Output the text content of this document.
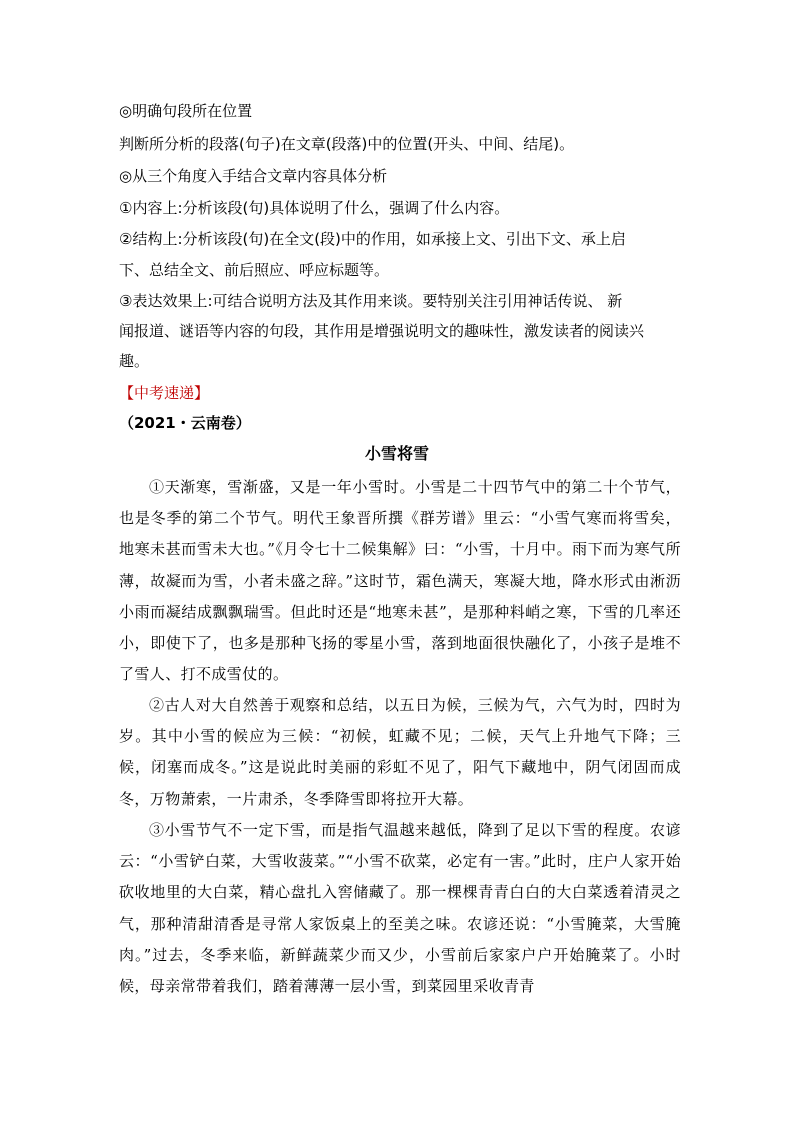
◎明确句段所在位置
判断所分析的段落(句子)在文章(段落)中的位置(开头、中间、结尾)。
◎从三个角度入手结合文章内容具体分析
①内容上:分析该段(句)具体说明了什么，强调了什么内容。
②结构上:分析该段(句)在全文(段)中的作用，如承接上文、引出下文、承上启
下、总结全文、前后照应、呼应标题等。
③表达效果上:可结合说明方法及其作用来谈。要特别关注引用神话传说、 新
闻报道、谜语等内容的句段，其作用是增强说明文的趣味性，激发读者的阅读兴
趣。
【中考速递】
（2021・云南卷）
小雪将雪

①天渐寒，雪渐盛，又是一年小雪时。小雪是二十四节气中的第二十个节气，也是冬季的第二个节气。明代王象晋所撰《群芳谱》里云：“小雪气寒而将雪矣，地寒未甚而雪未大也。”《月令七十二候集解》曰：“小雪，十月中。雨下而为寒气所薄，故凝而为雪，小者未盛之辞。”这时节，霜色满天，寒凝大地，降水形式由淅沥小雨而凝结成飘飘瑞雪。但此时还是“地寒未甚”，是那种料峭之寒，下雪的几率还小，即使下了，也多是那种飞扬的零星小雪，落到地面很快融化了，小孩子是堆不了雪人、打不成雪仗的。

②古人对大自然善于观察和总结，以五日为候，三候为气，六气为时，四时为岁。其中小雪的候应为三候：“初候，虹藏不见；二候，天气上升地气下降；三候，闭塞而成冬。”这是说此时美丽的彩虹不见了，阳气下藏地中，阴气闭固而成冬，万物萧索，一片肃杀，冬季降雪即将拉开大幕。

③小雪节气不一定下雪，而是指气温越来越低，降到了足以下雪的程度。农谚云：“小雪铲白菜，大雪收菠菜。”“小雪不砍菜，必定有一害。”此时，庄户人家开始砍收地里的大白菜，精心盘扎入窖储藏了。那一棵棵青青白白的大白菜透着清灵之气，那种清甜清香是寻常人家饭桌上的至美之味。农谚还说：“小雪腌菜，大雪腌肉。”过去，冬季来临，新鲜蔬菜少而又少，小雪前后家家户户开始腌菜了。小时候，母亲常带着我们，踏着薄薄一层小雪，到菜园里采收青青
